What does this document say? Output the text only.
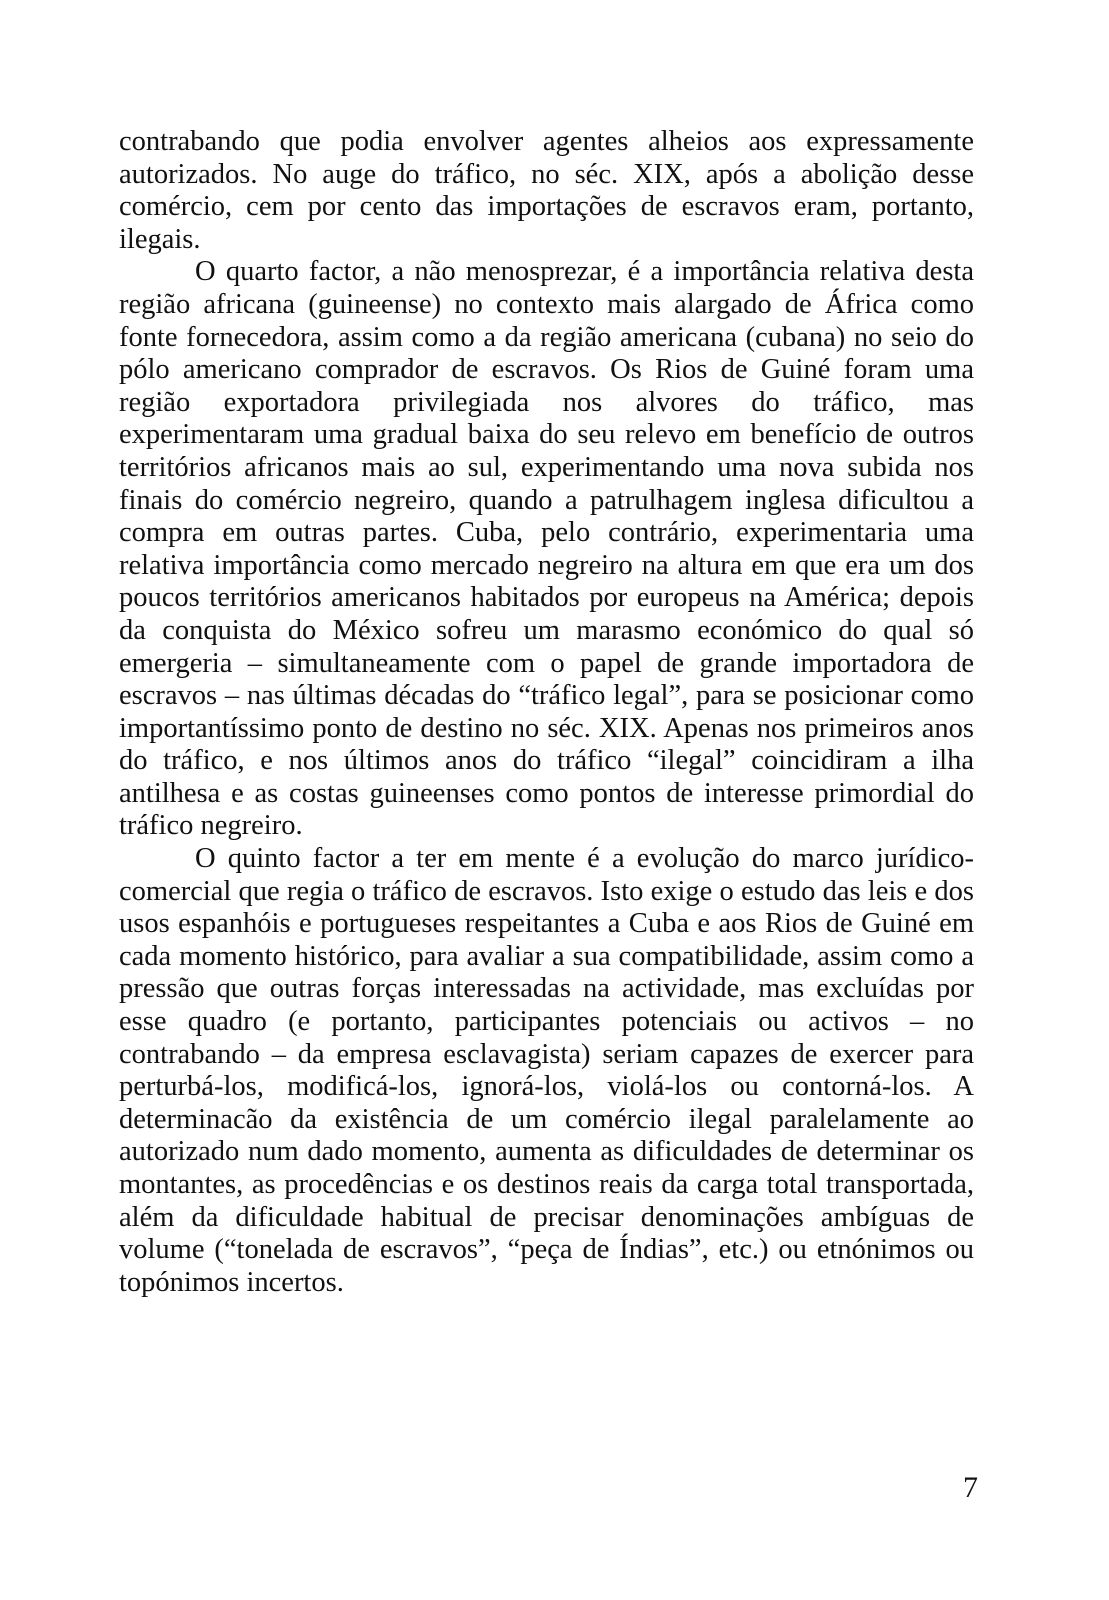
contrabando que podia envolver agentes alheios aos expressamente autorizados. No auge do tráfico, no séc. XIX, após a abolição desse comércio, cem por cento das importações de escravos eram, portanto, ilegais.

O quarto factor, a não menosprezar, é a importância relativa desta região africana (guineense) no contexto mais alargado de África como fonte fornecedora, assim como a da região americana (cubana) no seio do pólo americano comprador de escravos. Os Rios de Guiné foram uma região exportadora privilegiada nos alvores do tráfico, mas experimentaram uma gradual baixa do seu relevo em benefício de outros territórios africanos mais ao sul, experimentando uma nova subida nos finais do comércio negreiro, quando a patrulhagem inglesa dificultou a compra em outras partes. Cuba, pelo contrário, experimentaria uma relativa importância como mercado negreiro na altura em que era um dos poucos territórios americanos habitados por europeus na América; depois da conquista do México sofreu um marasmo económico do qual só emergeria – simultaneamente com o papel de grande importadora de escravos – nas últimas décadas do “tráfico legal”, para se posicionar como importantíssimo ponto de destino no séc. XIX. Apenas nos primeiros anos do tráfico, e nos últimos anos do tráfico “ilegal” coincidiram a ilha antilhesa e as costas guineenses como pontos de interesse primordial do tráfico negreiro.

O quinto factor a ter em mente é a evolução do marco jurídico-comercial que regia o tráfico de escravos. Isto exige o estudo das leis e dos usos espanhóis e portugueses respeitantes a Cuba e aos Rios de Guiné em cada momento histórico, para avaliar a sua compatibilidade, assim como a pressão que outras forças interessadas na actividade, mas excluídas por esse quadro (e portanto, participantes potenciais ou activos – no contrabando – da empresa esclavagista) seriam capazes de exercer para perturbá-los, modificá-los, ignorá-los, violá-los ou contorná-los. A determinacão da existência de um comércio ilegal paralelamente ao autorizado num dado momento, aumenta as dificuldades de determinar os montantes, as procedências e os destinos reais da carga total transportada, além da dificuldade habitual de precisar denominações ambíguas de volume (“tonelada de escravos”, “peça de Índias”, etc.) ou etnónimos ou topónimos incertos.

7
